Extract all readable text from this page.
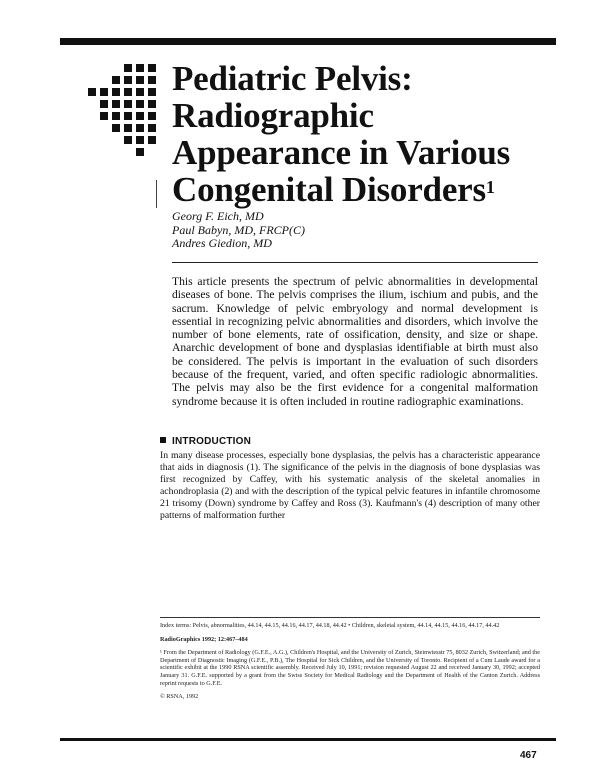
Pediatric Pelvis: Radiographic Appearance in Various Congenital Disorders$^1$
Georg F. Eich, MD
Paul Babyn, MD, FRCP(C)
Andres Giedion, MD

This article presents the spectrum of pelvic abnormalities in developmental diseases of bone. The pelvis comprises the ilium, ischium and pubis, and the sacrum. Knowledge of pelvic embryology and normal development is essential in recognizing pelvic abnormalities and disorders, which involve the number of bone elements, rate of ossification, density, and size or shape. Anarchic development of bone and dysplasias identifiable at birth must also be considered. The pelvis is important in the evaluation of such disorders because of the frequent, varied, and often specific radiologic abnormalities. The pelvis may also be the first evidence for a congenital malformation syndrome because it is often included in routine radiographic examinations.

INTRODUCTION

In many disease processes, especially bone dysplasias, the pelvis has a characteristic appearance that aids in diagnosis (1). The significance of the pelvis in the diagnosis of bone dysplasias was first recognized by Caffey, with his systematic analysis of the skeletal anomalies in achondroplasia (2) and with the description of the typical pelvic features in infantile chromosome 21 trisomy (Down) syndrome by Caffey and Ross (3). Kaufmann's (4) description of many other patterns of malformation further

Index terms: Pelvis, abnormalities, 44.14, 44.15, 44.16, 44.17, 44.18, 44.42 • Children, skeletal system, 44.14, 44.15, 44.16, 44.17, 44.42

RadioGraphics 1992; 12:467–484

¹ From the Department of Radiology (G.F.E., A.G.), Children's Hospital, and the University of Zurich, Steinwiesstr 75, 8032 Zurich, Switzerland; and the Department of Diagnostic Imaging (G.F.E., P.B.), The Hospital for Sick Children, and the University of Toronto. Recipient of a Cum Laude award for a scientific exhibit at the 1990 RSNA scientific assembly. Received July 10, 1991; revision requested August 22 and received January 30, 1992; accepted January 31. G.F.E. supported by a grant from the Swiss Society for Medical Radiology and the Department of Health of the Canton Zurich. Address reprint requests to G.F.E.

© RSNA, 1992

467
